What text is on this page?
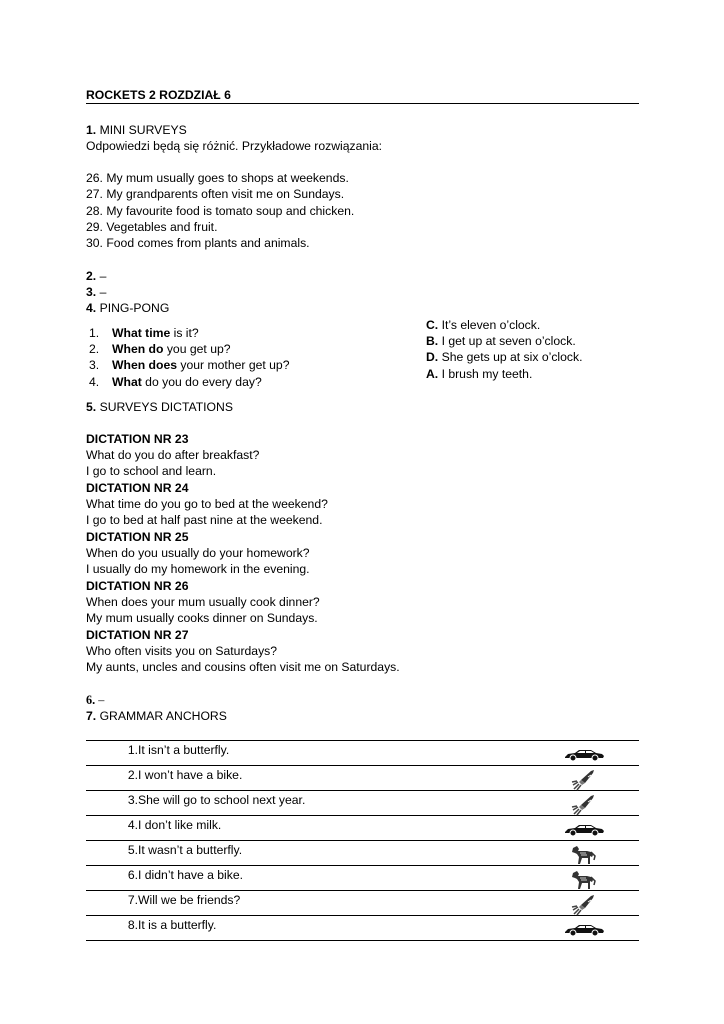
ROCKETS 2 ROZDZIAŁ 6
1. MINI SURVEYS
Odpowiedzi będą się różnić. Przykładowe rozwiązania:
26. My mum usually goes to shops at weekends.
27. My grandparents often visit me on Sundays.
28. My favourite food is tomato soup and chicken.
29. Vegetables and fruit.
30. Food comes from plants and animals.
2. –
3. –
4. PING-PONG
1. What time is it?
2. When do you get up?
3. When does your mother get up?
4. What do you do every day?
C. It’s eleven o’clock.
B. I get up at seven o’clock.
D. She gets up at six o’clock.
A. I brush my teeth.
5. SURVEYS DICTATIONS
DICTATION NR 23
What do you do after breakfast?
I go to school and learn.
DICTATION NR 24
What time do you go to bed at the weekend?
I go to bed at half past nine at the weekend.
DICTATION NR 25
When do you usually do your homework?
I usually do my homework in the evening.
DICTATION NR 26
When does your mum usually cook dinner?
My mum usually cooks dinner on Sundays.
DICTATION NR 27
Who often visits you on Saturdays?
My aunts, uncles and cousins often visit me on Saturdays.
6. –
7. GRAMMAR ANCHORS
1.	It isn’t a butterfly.	

2.	I won’t have a bike.	

3.	She will go to school next year.	

4.	I don’t like milk.	

5.	It wasn’t a butterfly.	

6.	I didn’t have a bike.	

7.	Will we be friends?	

8.	It is a butterfly.	
